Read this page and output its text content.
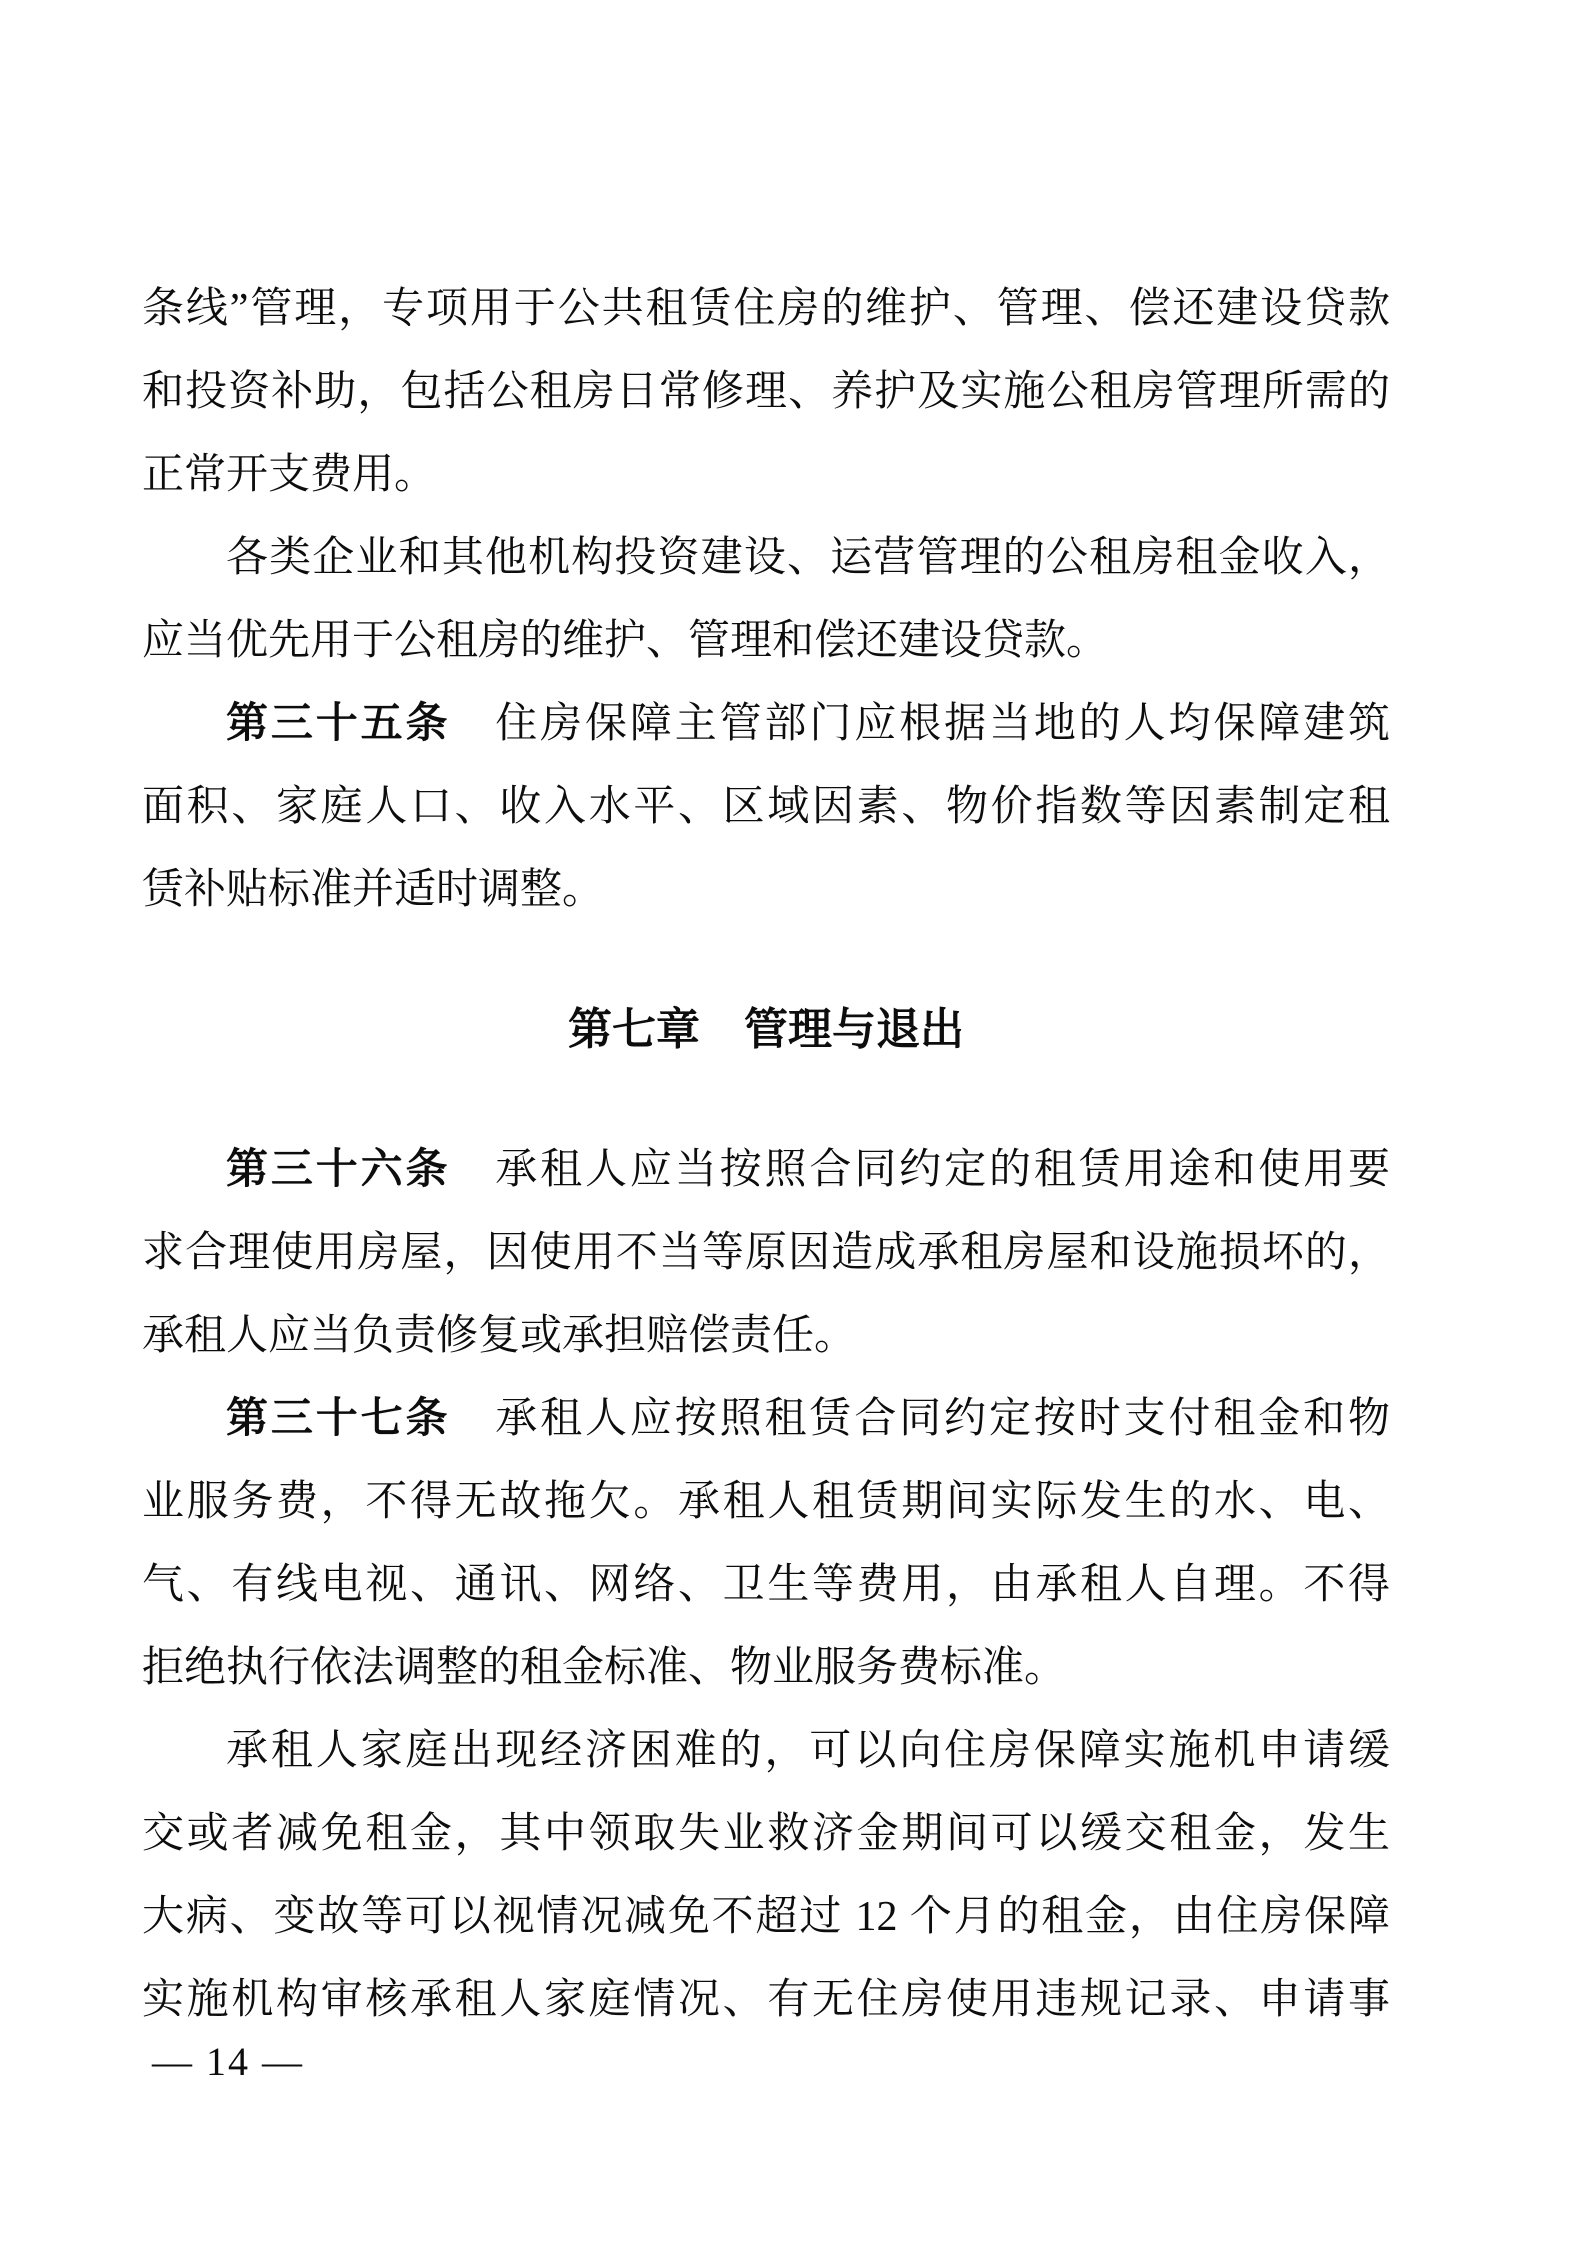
条线”管理，专项用于公共租赁住房的维护、管理、偿还建设贷款
和投资补助，包括公租房日常修理、养护及实施公租房管理所需的
正常开支费用。
各类企业和其他机构投资建设、运营管理的公租房租金收入，
应当优先用于公租房的维护、管理和偿还建设贷款。
第三十五条　住房保障主管部门应根据当地的人均保障建筑
面积、家庭人口、收入水平、区域因素、物价指数等因素制定租
赁补贴标准并适时调整。
第七章　管理与退出
第三十六条　承租人应当按照合同约定的租赁用途和使用要
求合理使用房屋，因使用不当等原因造成承租房屋和设施损坏的，
承租人应当负责修复或承担赔偿责任。
第三十七条　承租人应按照租赁合同约定按时支付租金和物
业服务费，不得无故拖欠。承租人租赁期间实际发生的水、电、
气、有线电视、通讯、网络、卫生等费用，由承租人自理。不得
拒绝执行依法调整的租金标准、物业服务费标准。
承租人家庭出现经济困难的，可以向住房保障实施机申请缓
交或者减免租金，其中领取失业救济金期间可以缓交租金，发生
大病、变故等可以视情况减免不超过 12 个月的租金，由住房保障
实施机构审核承租人家庭情况、有无住房使用违规记录、申请事
— 14 —
